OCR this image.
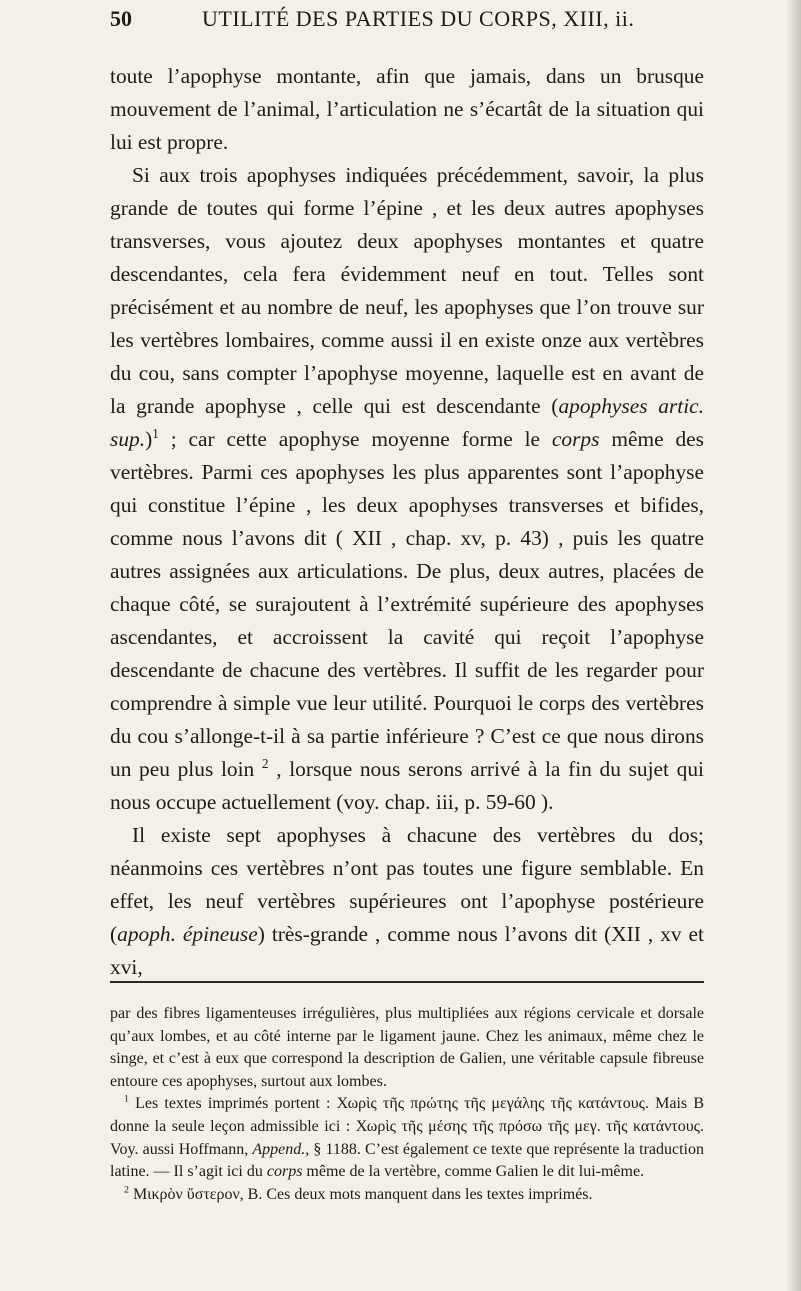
50	UTILITÉ DES PARTIES DU CORPS, XIII, ii.

toute l’apophyse montante, afin que jamais, dans un brusque mouvement de l’animal, l’articulation ne s’écartât de la situation qui lui est propre.

Si aux trois apophyses indiquées précédemment, savoir, la plus grande de toutes qui forme l’épine , et les deux autres apophyses transverses, vous ajoutez deux apophyses montantes et quatre descendantes, cela fera évidemment neuf en tout. Telles sont précisément et au nombre de neuf, les apophyses que l’on trouve sur les vertèbres lombaires, comme aussi il en existe onze aux vertèbres du cou, sans compter l’apophyse moyenne, laquelle est en avant de la grande apophyse , celle qui est descendante (apophyses artic. sup.)$^1$ ; car cette apophyse moyenne forme le corps même des vertèbres. Parmi ces apophyses les plus apparentes sont l’apophyse qui constitue l’épine , les deux apophyses transverses et bifides, comme nous l’avons dit ( XII , chap. xv, p. 43) , puis les quatre autres assignées aux articulations. De plus, deux autres, placées de chaque côté, se surajoutent à l’extrémité supérieure des apophyses ascendantes, et accroissent la cavité qui reçoit l’apophyse descendante de chacune des vertèbres. Il suffit de les regarder pour comprendre à simple vue leur utilité. Pourquoi le corps des vertèbres du cou s’allonge-t-il à sa partie inférieure ? C’est ce que nous dirons un peu plus loin $^2$ , lorsque nous serons arrivé à la fin du sujet qui nous occupe actuellement (voy. chap. iii, p. 59-60 ).

Il existe sept apophyses à chacune des vertèbres du dos; néanmoins ces vertèbres n’ont pas toutes une figure semblable. En effet, les neuf vertèbres supérieures ont l’apophyse postérieure (apoph. épineuse) très-grande , comme nous l’avons dit (XII , xv et xvi,

par des fibres ligamenteuses irrégulières, plus multipliées aux régions cervicale et dorsale qu’aux lombes, et au côté interne par le ligament jaune. Chez les animaux, même chez le singe, et c’est à eux que correspond la description de Galien, une véritable capsule fibreuse entoure ces apophyses, surtout aux lombes.

$^1$ Les textes imprimés portent : Χωρὶς τῆς πρώτης τῆς μεγάλης τῆς κατάντους. Mais B donne la seule leçon admissible ici : Χωρὶς τῆς μέσης τῆς πρόσω τῆς μεγ. τῆς κατάντους. Voy. aussi Hoffmann, Append., § 1188. C’est également ce texte que représente la traduction latine. — Il s’agit ici du corps même de la vertèbre, comme Galien le dit lui-même.

$^2$ Μικρὸν ὕστερον, B. Ces deux mots manquent dans les textes imprimés.
